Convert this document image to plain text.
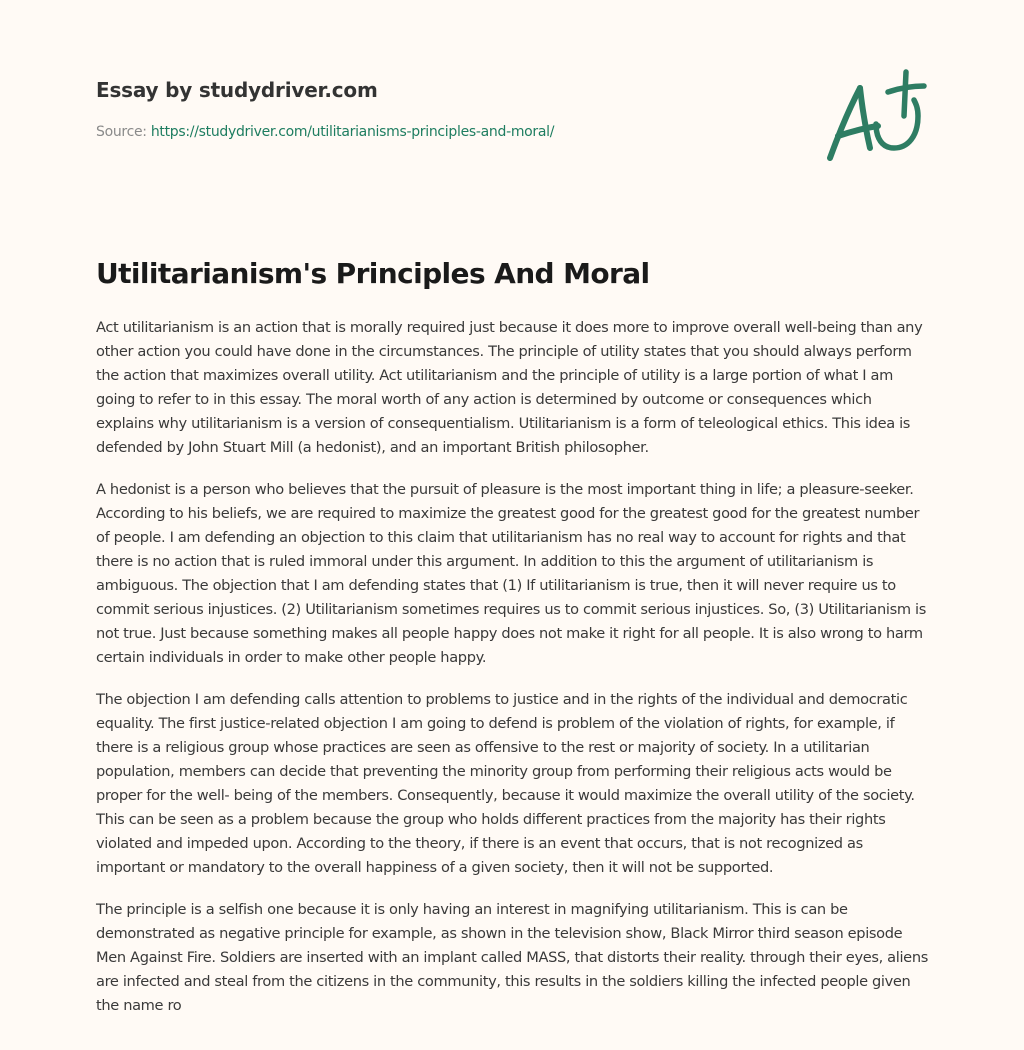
Essay by studydriver.com
Source: https://studydriver.com/utilitarianisms-principles-and-moral/
Utilitarianism's Principles And Moral

Act utilitarianism is an action that is morally required just because it does more to improve overall well-being than any other action you could have done in the circumstances. The principle of utility states that you should always perform the action that maximizes overall utility. Act utilitarianism and the principle of utility is a large portion of what I am going to refer to in this essay. The moral worth of any action is determined by outcome or consequences which explains why utilitarianism is a version of consequentialism. Utilitarianism is a form of teleological ethics. This idea is defended by John Stuart Mill (a hedonist), and an important British philosopher.

A hedonist is a person who believes that the pursuit of pleasure is the most important thing in life; a pleasure-seeker. According to his beliefs, we are required to maximize the greatest good for the greatest good for the greatest number of people. I am defending an objection to this claim that utilitarianism has no real way to account for rights and that there is no action that is ruled immoral under this argument. In addition to this the argument of utilitarianism is ambiguous. The objection that I am defending states that (1) If utilitarianism is true, then it will never require us to commit serious injustices. (2) Utilitarianism sometimes requires us to commit serious injustices. So, (3) Utilitarianism is not true. Just because something makes all people happy does not make it right for all people. It is also wrong to harm certain individuals in order to make other people happy.

The objection I am defending calls attention to problems to justice and in the rights of the individual and democratic equality. The first justice-related objection I am going to defend is problem of the violation of rights, for example, if there is a religious group whose practices are seen as offensive to the rest or majority of society. In a utilitarian population, members can decide that preventing the minority group from performing their religious acts would be proper for the well- being of the members. Consequently, because it would maximize the overall utility of the society. This can be seen as a problem because the group who holds different practices from the majority has their rights violated and impeded upon. According to the theory, if there is an event that occurs, that is not recognized as important or mandatory to the overall happiness of a given society, then it will not be supported.

The principle is a selfish one because it is only having an interest in magnifying utilitarianism. This is can be demonstrated as negative principle for example, as shown in the television show, Black Mirror third season episode Men Against Fire. Soldiers are inserted with an implant called MASS, that distorts their reality. through their eyes, aliens are infected and steal from the citizens in the community, this results in the soldiers killing the infected people given the name ro
